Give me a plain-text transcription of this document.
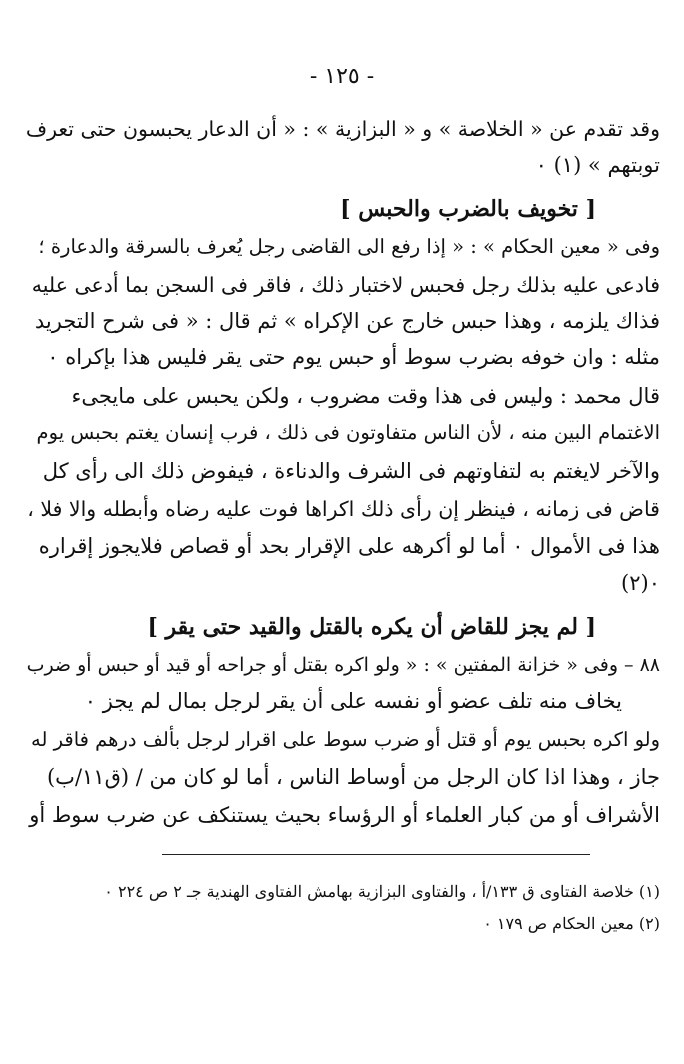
- ١٢٥ -
وقد تقدم عن « الخلاصة » و « البزازية » : « أن الدعار يحبسون حتى تعرف
توبتهم » (١) ٠
[ تخويف بالضرب والحبس ]
وفى « معين الحكام » : « إذا رفع الى القاضى رجل يُعرف بالسرقة والدعارة ؛
فادعى عليه بذلك رجل فحبس لاختبار ذلك ، فاقر فى السجن بما أدعى عليه
فذاك يلزمه ، وهذا حبس خارج عن الإكراه » ثم قال : « فى شرح التجريد
مثله : وان خوفه بضرب سوط أو حبس يوم حتى يقر فليس هذا بإكراه ٠
قال محمد : وليس فى هذا وقت مضروب ، ولكن يحبس على مايجىء
الاغتمام البين منه ، لأن الناس متفاوتون فى ذلك ، فرب إنسان يغتم بحبس يوم
والآخر لايغتم به لتفاوتهم فى الشرف والدناءة ، فيفوض ذلك الى رأى كل
قاض فى زمانه ، فينظر إن رأى ذلك اكراها فوت عليه رضاه وأبطله والا فلا ،
هذا فى الأموال ٠ أما لو أكرهه على الإقرار بحد أو قصاص فلايجوز إقراره
٠(٢)
[ لم يجز للقاض أن يكره بالقتل والقيد حتى يقر ]
٨٨ – وفى « خزانة المفتين » : « ولو اكره بقتل أو جراحه أو قيد أو حبس أو ضرب
يخاف منه تلف عضو أو نفسه على أن يقر لرجل بمال لم يجز ٠
ولو اكره بحبس يوم أو قتل أو ضرب سوط على اقرار لرجل بألف درهم فاقر له
جاز ، وهذا اذا كان الرجل من أوساط الناس ، أما لو كان من / (ق١١/ب)
الأشراف أو من كبار العلماء أو الرؤساء بحيث يستنكف عن ضرب سوط أو
(١) خلاصة الفتاوى ق ١٣٣/أ ، والفتاوى البزازية بهامش الفتاوى الهندية جـ ٢ ص ٢٢٤ ٠
(٢) معين الحكام ص ١٧٩ ٠
